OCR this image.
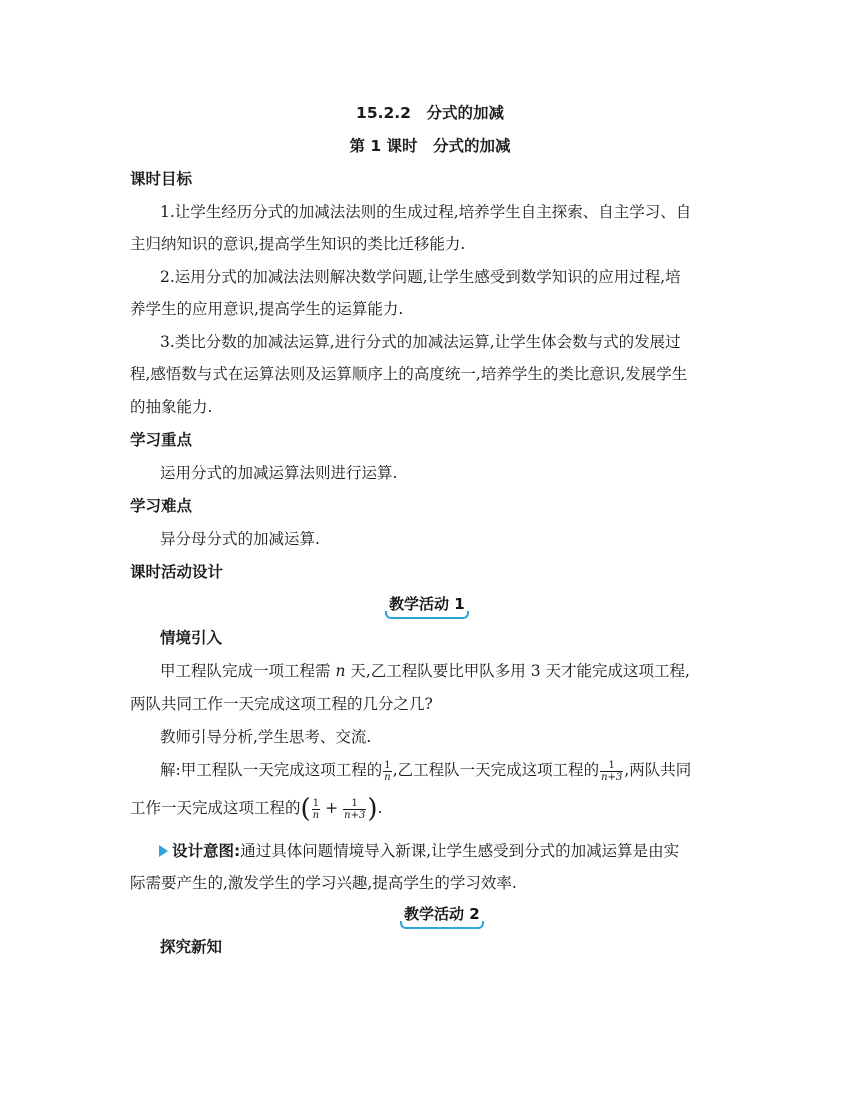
15.2.2　分式的加减
第 1 课时　分式的加减
课时目标
1.让学生经历分式的加减法法则的生成过程,培养学生自主探索、自主学习、自
主归纳知识的意识,提高学生知识的类比迁移能力.
2.运用分式的加减法法则解决数学问题,让学生感受到数学知识的应用过程,培
养学生的应用意识,提高学生的运算能力.
3.类比分数的加减法运算,进行分式的加减法运算,让学生体会数与式的发展过
程,感悟数与式在运算法则及运算顺序上的高度统一,培养学生的类比意识,发展学生
的抽象能力.
学习重点
运用分式的加减运算法则进行运算.
学习难点
异分母分式的加减运算.
课时活动设计
教学活动 1
情境引入
甲工程队完成一项工程需 n 天,乙工程队要比甲队多用 3 天才能完成这项工程,
两队共同工作一天完成这项工程的几分之几?
教师引导分析,学生思考、交流.
解:甲工程队一天完成这项工程的 $\frac{1}{n}$ ,乙工程队一天完成这项工程的 $\frac{1}{n+3}$ ,两队共同
工作一天完成这项工程的( $\frac{1}{n} + \frac{1}{n+3}$ ).
设计意图:通过具体问题情境导入新课,让学生感受到分式的加减运算是由实
际需要产生的,激发学生的学习兴趣,提高学生的学习效率.
教学活动 2
探究新知
